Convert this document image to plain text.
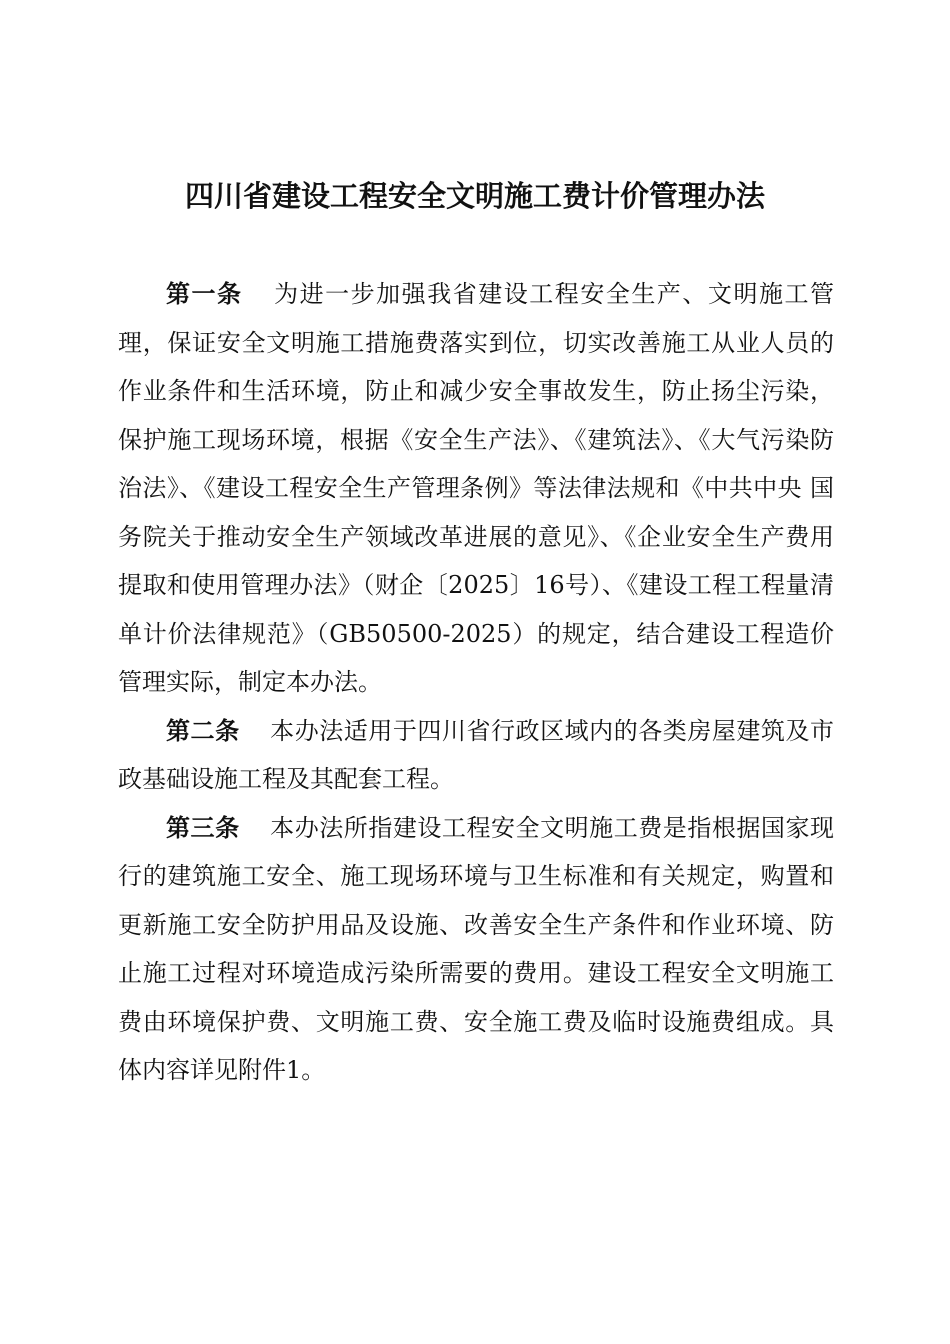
四川省建设工程安全文明施工费计价管理办法

第一条 为进一步加强我省建设工程安全生产、文明施工管理，保证安全文明施工措施费落实到位，切实改善施工从业人员的作业条件和生活环境，防止和减少安全事故发生，防止扬尘污染，保护施工现场环境，根据《安全生产法》、《建筑法》、《大气污染防治法》、《建设工程安全生产管理条例》等法律法规和《中共中央 国务院关于推动安全生产领域改革进展的意见》、《企业安全生产费用提取和使用管理办法》（财企〔2025〕16号）、《建设工程工程量清单计价法律规范》（GB50500-2025）的规定，结合建设工程造价管理实际，制定本办法。

第二条 本办法适用于四川省行政区域内的各类房屋建筑及市政基础设施工程及其配套工程。

第三条 本办法所指建设工程安全文明施工费是指根据国家现行的建筑施工安全、施工现场环境与卫生标准和有关规定，购置和更新施工安全防护用品及设施、改善安全生产条件和作业环境、防止施工过程对环境造成污染所需要的费用。建设工程安全文明施工费由环境保护费、文明施工费、安全施工费及临时设施费组成。具体内容详见附件1。
